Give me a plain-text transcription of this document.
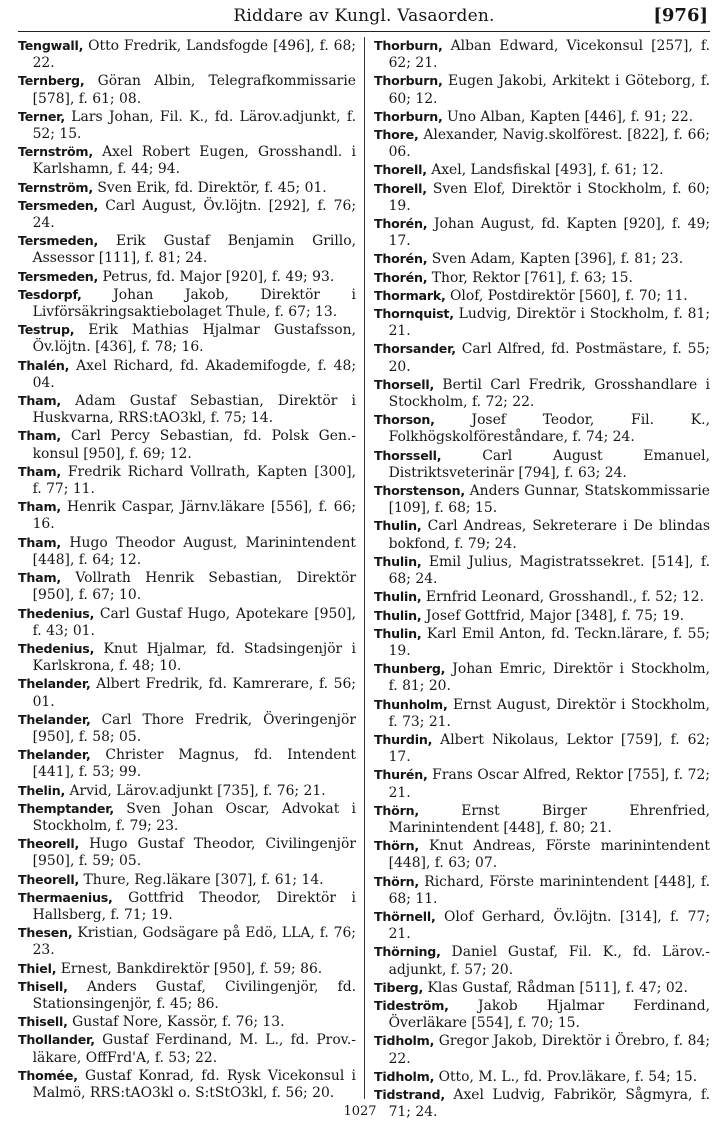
Riddare av Kungl. Vasaorden.	[976]
Tengwall, Otto Fredrik, Landsfogde [496], f. 68; 22.
Ternberg, Göran Albin, Telegrafkommissarie [578], f. 61; 08.
Terner, Lars Johan, Fil. K., fd. Lärov.adjunkt, f. 52; 15.
Ternström, Axel Robert Eugen, Grosshandl. i Karlshamn, f. 44; 94.
Ternström, Sven Erik, fd. Direktör, f. 45; 01.
Tersmeden, Carl August, Öv.löjtn. [292], f. 76; 24.
Tersmeden, Erik Gustaf Benjamin Grillo, Assessor [111], f. 81; 24.
Tersmeden, Petrus, fd. Major [920], f. 49; 93.
Tesdorpf, Johan Jakob, Direktör i Livförsäkringsaktiebolaget Thule, f. 67; 13.
Testrup, Erik Mathias Hjalmar Gustafsson, Öv.löjtn. [436], f. 78; 16.
Thalén, Axel Richard, fd. Akademifogde, f. 48; 04.
Tham, Adam Gustaf Sebastian, Direktör i Huskvarna, RRS:tAO3kl, f. 75; 14.
Tham, Carl Percy Sebastian, fd. Polsk Gen.-konsul [950], f. 69; 12.
Tham, Fredrik Richard Vollrath, Kapten [300], f. 77; 11.
Tham, Henrik Caspar, Järnv.läkare [556], f. 66; 16.
Tham, Hugo Theodor August, Marinintendent [448], f. 64; 12.
Tham, Vollrath Henrik Sebastian, Direktör [950], f. 67; 10.
Thedenius, Carl Gustaf Hugo, Apotekare [950], f. 43; 01.
Thedenius, Knut Hjalmar, fd. Stadsingenjör i Karlskrona, f. 48; 10.
Thelander, Albert Fredrik, fd. Kamrerare, f. 56; 01.
Thelander, Carl Thore Fredrik, Överingenjör [950], f. 58; 05.
Thelander, Christer Magnus, fd. Intendent [441], f. 53; 99.
Thelin, Arvid, Lärov.adjunkt [735], f. 76; 21.
Themptander, Sven Johan Oscar, Advokat i Stockholm, f. 79; 23.
Theorell, Hugo Gustaf Theodor, Civilingenjör [950], f. 59; 05.
Theorell, Thure, Reg.läkare [307], f. 61; 14.
Thermaenius, Gottfrid Theodor, Direktör i Hallsberg, f. 71; 19.
Thesen, Kristian, Godsägare på Edö, LLA, f. 76; 23.
Thiel, Ernest, Bankdirektör [950], f. 59; 86.
Thisell, Anders Gustaf, Civilingenjör, fd. Stationsingenjör, f. 45; 86.
Thisell, Gustaf Nore, Kassör, f. 76; 13.
Thollander, Gustaf Ferdinand, M. L., fd. Prov.-läkare, OffFrd'A, f. 53; 22.
Thomée, Gustaf Konrad, fd. Rysk Vicekonsul i Malmö, RRS:tAO3kl o. S:tStO3kl, f. 56; 20.
Thorburn, Alban Edward, Vicekonsul [257], f. 62; 21.
Thorburn, Eugen Jakobi, Arkitekt i Göteborg, f. 60; 12.
Thorburn, Uno Alban, Kapten [446], f. 91; 22.
Thore, Alexander, Navig.skolförest. [822], f. 66; 06.
Thorell, Axel, Landsfiskal [493], f. 61; 12.
Thorell, Sven Elof, Direktör i Stockholm, f. 60; 19.
Thorén, Johan August, fd. Kapten [920], f. 49; 17.
Thorén, Sven Adam, Kapten [396], f. 81; 23.
Thorén, Thor, Rektor [761], f. 63; 15.
Thormark, Olof, Postdirektör [560], f. 70; 11.
Thornquist, Ludvig, Direktör i Stockholm, f. 81; 21.
Thorsander, Carl Alfred, fd. Postmästare, f. 55; 20.
Thorsell, Bertil Carl Fredrik, Grosshandlare i Stockholm, f. 72; 22.
Thorson, Josef Teodor, Fil. K., Folkhögskolföreståndare, f. 74; 24.
Thorssell, Carl August Emanuel, Distriktsveterinär [794], f. 63; 24.
Thorstenson, Anders Gunnar, Statskommissarie [109], f. 68; 15.
Thulin, Carl Andreas, Sekreterare i De blindas bokfond, f. 79; 24.
Thulin, Emil Julius, Magistratssekret. [514], f. 68; 24.
Thulin, Ernfrid Leonard, Grosshandl., f. 52; 12.
Thulin, Josef Gottfrid, Major [348], f. 75; 19.
Thulin, Karl Emil Anton, fd. Teckn.lärare, f. 55; 19.
Thunberg, Johan Emric, Direktör i Stockholm, f. 81; 20.
Thunholm, Ernst August, Direktör i Stockholm, f. 73; 21.
Thurdin, Albert Nikolaus, Lektor [759], f. 62; 17.
Thurén, Frans Oscar Alfred, Rektor [755], f. 72; 21.
Thörn, Ernst Birger Ehrenfried, Marinintendent [448], f. 80; 21.
Thörn, Knut Andreas, Förste marinintendent [448], f. 63; 07.
Thörn, Richard, Förste marinintendent [448], f. 68; 11.
Thörnell, Olof Gerhard, Öv.löjtn. [314], f. 77; 21.
Thörning, Daniel Gustaf, Fil. K., fd. Lärov.-adjunkt, f. 57; 20.
Tiberg, Klas Gustaf, Rådman [511], f. 47; 02.
Tideström, Jakob Hjalmar Ferdinand, Överläkare [554], f. 70; 15.
Tidholm, Gregor Jakob, Direktör i Örebro, f. 84; 22.
Tidholm, Otto, M. L., fd. Prov.läkare, f. 54; 15.
Tidstrand, Axel Ludvig, Fabrikör, Sågmyra, f. 71; 24.
1027
